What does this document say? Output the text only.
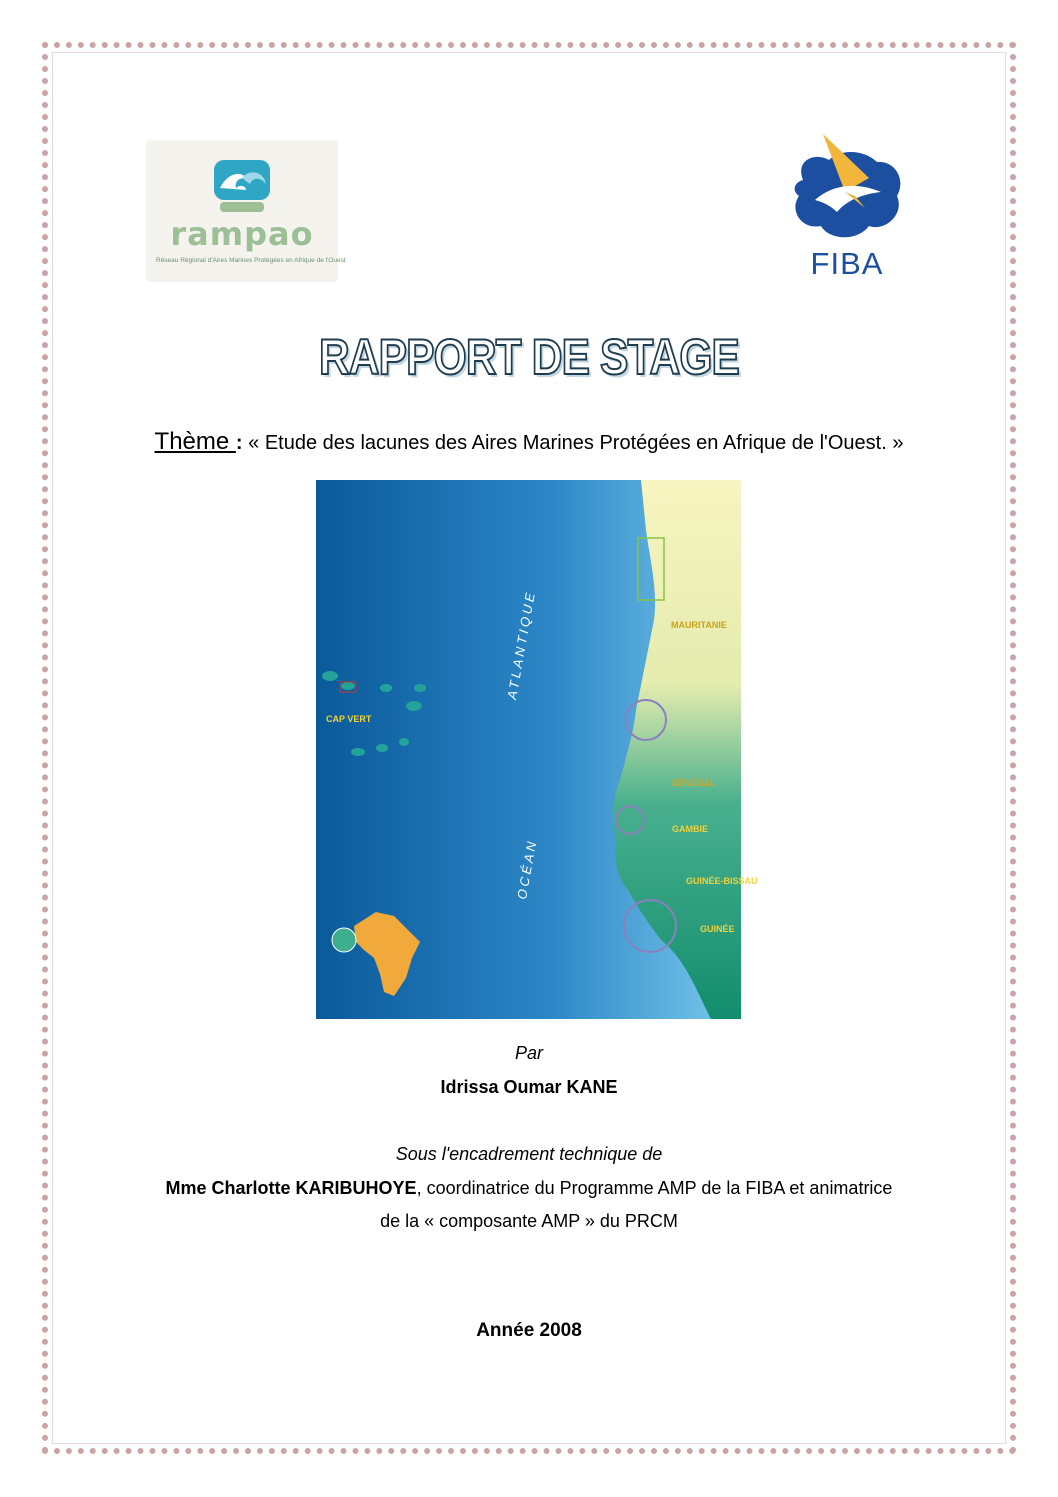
rampao
Réseau Régional d'Aires Marines Protégées en Afrique de l'Ouest	FIBA
RAPPORT DE STAGE
Thème : « Etude des lacunes des Aires Marines Protégées en Afrique de l'Ouest. »
ATLANTIQUE
OCÉAN
MAURITANIE
SÉNÉGAL
GAMBIE
GUINÉE-BISSAU
GUINÉE
CAP VERT
Par
Idrissa Oumar KANE
Sous l'encadrement technique de
Mme Charlotte KARIBUHOYE, coordinatrice du Programme AMP de la FIBA et animatrice
de la « composante AMP » du PRCM
Année 2008
